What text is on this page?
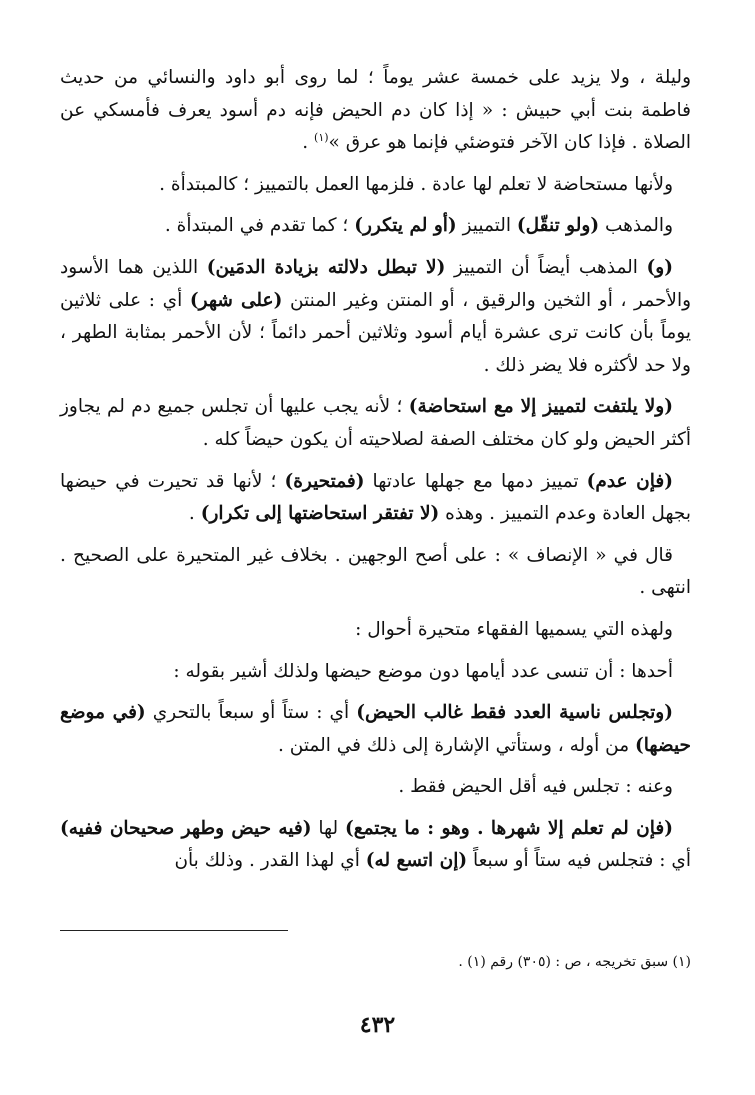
وليلة ، ولا يزيد على خمسة عشر يوماً ؛ لما روى أبو داود والنسائي من حديث فاطمة بنت أبي حبيش : « إذا كان دم الحيض فإنه دم أسود يعرف فأمسكي عن الصلاة . فإذا كان الآخر فتوضئي فإنما هو عرق »$^{(١)}$ .

ولأنها مستحاضة لا تعلم لها عادة . فلزمها العمل بالتمييز ؛ كالمبتدأة .

والمذهب (ولو تنقّل) التمييز (أو لم يتكرر) ؛ كما تقدم في المبتدأة .

(و) المذهب أيضاً أن التمييز (لا تبطل دلالته بزيادة الدمَين) اللذين هما الأسود والأحمر ، أو الثخين والرقيق ، أو المنتن وغير المنتن (على شهر) أي : على ثلاثين يوماً بأن كانت ترى عشرة أيام أسود وثلاثين أحمر دائماً ؛ لأن الأحمر بمثابة الطهر ، ولا حد لأكثره فلا يضر ذلك .

(ولا يلتفت لتمييز إلا مع استحاضة) ؛ لأنه يجب عليها أن تجلس جميع دم لم يجاوز أكثر الحيض ولو كان مختلف الصفة لصلاحيته أن يكون حيضاً كله .

(فإن عدم) تمييز دمها مع جهلها عادتها (فمتحيرة) ؛ لأنها قد تحيرت في حيضها بجهل العادة وعدم التمييز . وهذه (لا تفتقر استحاضتها إلى تكرار) .

قال في « الإنصاف » : على أصح الوجهين . بخلاف غير المتحيرة على الصحيح . انتهى .

ولهذه التي يسميها الفقهاء متحيرة أحوال :

أحدها : أن تنسى عدد أيامها دون موضع حيضها ولذلك أشير بقوله :

(وتجلس ناسية العدد فقط غالب الحيض) أي : ستاً أو سبعاً بالتحري (في موضع حيضها) من أوله ، وستأتي الإشارة إلى ذلك في المتن .

وعنه : تجلس فيه أقل الحيض فقط .

(فإن لم تعلم إلا شهرها . وهو : ما يجتمع) لها (فيه حيض وطهر صحيحان ففيه) أي : فتجلس فيه ستاً أو سبعاً (إن اتسع له) أي لهذا القدر . وذلك بأن

(١) سبق تخريجه ، ص : (٣٠٥) رقم (١) .
٤٣٢
